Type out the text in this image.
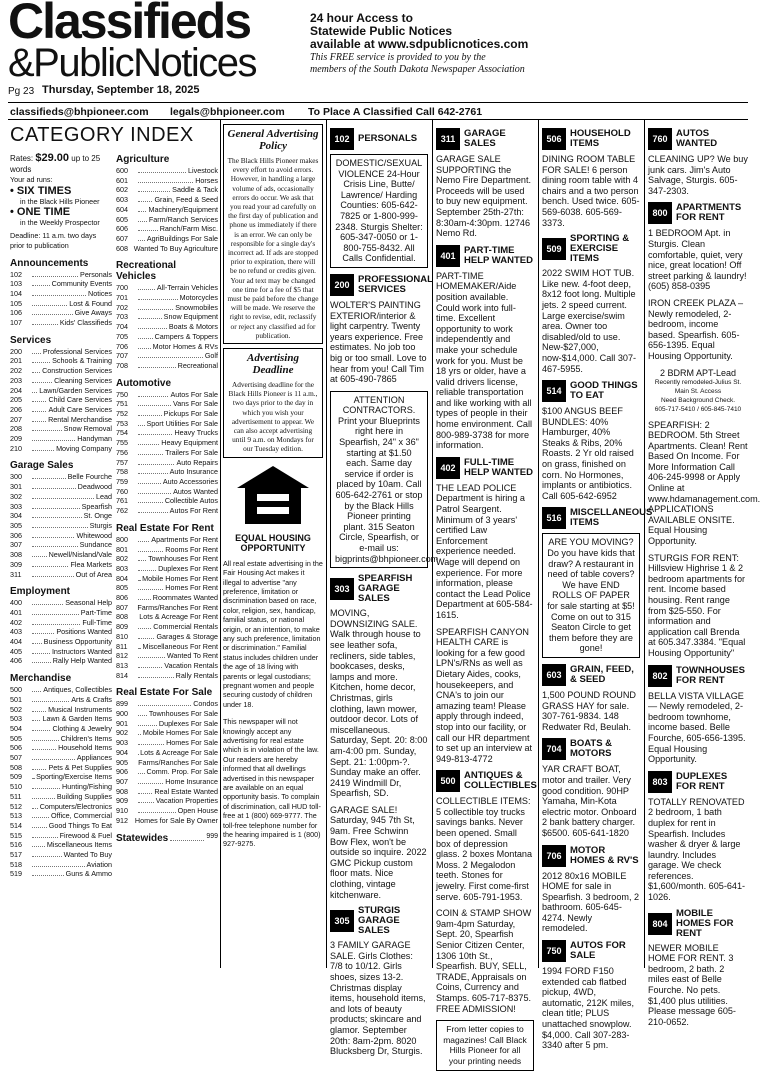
Classifieds
&PublicNotices
Pg 23 Thursday, September 18, 2025
24 hour Access to
Statewide Public Notices
available at www.sdpublicnotices.com
This FREE service is provided to you by the
members of the South Dakota Newspaper Association
classifieds@bhpioneer.com legals@bhpioneer.com To Place A Classified Call 642-2761
CATEGORY INDEX
Rates: $29.00 up to 25 words
Your ad runs:
• SIX TIMES
in the Black Hills Pioneer
• ONE TIME
in the Weekly Prospector
Deadline: 11 a.m. two days prior to publication
Announcements
102	Personals
103	Community Events
104	Notices
105	Lost & Found
106	Give Aways
107	Kids' Classifieds
Services
200	Professional Services
201	Schools & Training
202	Construction Services
203	Cleaning Services
204	Lawn/Garden Services
205	Child Care Services
206	Adult Care Services
207	Rental Merchandise
208	Snow Removal
209	Handyman
210	Moving Company
Garage Sales
300	Belle Fourche
301	Deadwood
302	Lead
303	Spearfish
304	St. Onge
305	Sturgis
306	Whitewood
307	Sundance
308	Newell/Nisland/Vale
309	Flea Markets
311	Out of Area
Employment
400	Seasonal Help
401	Part-Time
402	Full-Time
403	Positions Wanted
404	Business Opportunity
405	Instructors Wanted
406	Rally Help Wanted
Merchandise
500	Antiques, Collectibles
501	Arts & Crafts
502	Musical Instruments
503	Lawn & Garden Items
504	Clothing & Jewelry
505	Children's Items
506	Household Items
507	Appliances
508	Pets & Pet Supplies
509	Sporting/Exercise Items
510	Hunting/Fishing
511	Building Supplies
512	Computers/Electronics
513	Office, Commercial
514	Good Things To Eat
515	Firewood & Fuel
516	Miscellaneous Items
517	Wanted To Buy
518	Aviation
519	Guns & Ammo
Agriculture
600	Livestock
601	Horses
602	Saddle & Tack
603	Grain, Feed & Seed
604	Machinery/Equipment
605	Farm/Ranch Services
606	Ranch/Farm Misc.
607	AgriBuildings For Sale
608 Wanted To Buy Agriculture
Recreational Vehicles
700	All-Terrain Vehicles
701	Motorcycles
702	Snowmobiles
703	Snow Equipment
704	Boats & Motors
705	Campers & Toppers
706	Motor Homes & RVs
707	Golf
708	Recreational
Automotive
750	Autos For Sale
751	Vans For Sale
752	Pickups For Sale
753	Sport Utilities For Sale
754	Heavy Trucks
755	Heavy Equipment
756	Trailers For Sale
757	Auto Repairs
758	Auto Insurance
759	Auto Accessories
760	Autos Wanted
761	Collectible Autos
762	Autos For Rent
Real Estate For Rent
800	Apartments For Rent
801	Rooms For Rent
802	Townhouses For Rent
803	Duplexes For Rent
804	Mobile Homes For Rent
805	Homes For Rent
806	Roommates Wanted
807	Farms/Ranches For Rent
808	Lots & Acreage For Rent
809	Commercial Rentals
810	Garages & Storage
811	Miscellaneous For Rent
812	Wanted To Rent
813	Vacation Rentals
814	Rally Rentals
Real Estate For Sale
899	Condos
900	Townhouses For Sale
901	Duplexes For Sale
902	Mobile Homes For Sale
903	Homes For Sale
904	Lots & Acreage For Sale
905	Farms/Ranches For Sale
906	Comm. Prop. For Sale
907	Home Insurance
908	Real Estate Wanted
909	Vacation Properties
910	Open House
912 Homes for Sale By Owner
Statewides	999
General Advertising Policy
The Black Hills Pioneer makes every effort to avoid errors. However, in handling a large volume of ads, occasionally errors do occur. We ask that you read your ad carefully on the first day of publication and phone us immediately if there is an error. We can only be responsible for a single day's incorrect ad. If ads are stopped prior to expiration, there will be no refund or credits given. Your ad text may be changed one time for a fee of $5 that must be paid before the change will be made. We reserve the right to revise, edit, reclassify or reject any classified ad for publication.
Advertising Deadline
Advertising deadline for the Black Hills Pioneer is 11 a.m., two days prior to the day in which you wish your advertisement to appear. We can also accept advertising until 9 a.m. on Mondays for our Tuesday edition.
EQUAL HOUSING OPPORTUNITY
All real estate advertising in the Fair Housing Act makes it illegal to advertise "any preference, limitation or discrimination based on race, color, religion, sex, handicap, familial status, or national origin, or an intention, to make any such preference, limitation or discrimination." Familial status includes children under the age of 18 living with parents or legal custodians; pregnant women and people securing custody of children under 18.
This newspaper will not knowingly accept any advertising for real estate which is in violation of the law. Our readers are hereby informed that all dwellings advertised in this newspaper are available on an equal opportunity basis. To complain of discrimination, call HUD toll-free at 1 (800) 669-9777. The toll-free telephone number for the hearing impaired is 1 (800) 927-9275.
102 PERSONALS
DOMESTIC/SEXUAL VIOLENCE 24-Hour Crisis Line, Butte/ Lawrence/ Harding Counties: 605-642-7825 or 1-800-999-2348. Sturgis Shelter: 605-347-0050 or 1-800-755-8432. All Calls Confidential.
200 PROFESSIONAL SERVICES
WOLTER'S PAINTING EXTERIOR/interior & light carpentry. Twenty years experience. Free estimates. No job too big or too small. Love to hear from you! Call Tim at 605-490-7865
ATTENTION CONTRACTORS. Print your Blueprints right here in Spearfish, 24" x 36" starting at $1.50 each. Same day service if order is placed by 10am. Call 605-642-2761 or stop by the Black Hills Pioneer printing plant. 315 Seaton Circle, Spearfish, or e-mail us: bigprints@bhpioneer.com
303
SPEARFISH GARAGE SALES
MOVING, DOWNSIZING SALE. Walk through house to see leather sofa, recliners, side tables, bookcases, desks, lamps and more. Kitchen, home decor, Christmas, girls clothing, lawn mower, outdoor decor. Lots of miscellaneous. Saturday, Sept. 20: 8:00 am-4:00 pm. Sunday, Sept. 21: 1:00pm-?. Sunday make an offer. 2419 Windmill Dr, Spearfish, SD.
GARAGE SALE! Saturday, 945 7th St, 9am. Free Schwinn Bow Flex, won't be outside so inquire. 2022 GMC Pickup custom floor mats. Nice clothing, vintage kitchenware.
305
STURGIS GARAGE SALES
3 FAMILY GARAGE SALE. Girls Clothes: 7/8 to 10/12. Girls shoes, sizes 13-2. Christmas display items, household items, and lots of beauty products; skincare and glamor. September 20th: 8am-2pm. 8020 Blucksberg Dr, Sturgis.
311 GARAGE SALES
GARAGE SALE SUPPORTING the Nemo Fire Department. Proceeds will be used to buy new equipment. September 25th-27th: 8:30am-4:30pm. 12746 Nemo Rd.
401 PART-TIME HELP WANTED
PART-TIME HOMEMAKER/Aide position available. Could work into full-time. Excellent opportunity to work independently and make your schedule work for you. Must be 18 yrs or older, have a valid drivers license, reliable transportation and like working with all types of people in their home environment. Call 800-989-3738 for more information.
402 FULL-TIME HELP WANTED
THE LEAD POLICE Department is hiring a Patrol Seargent. Minimum of 3 years' certified Law Enforcement experience needed. Wage will depend on experience. For more information, please contact the Lead Police Department at 605-584-1615.
SPEARFISH CANYON HEALTH CARE is looking for a few good LPN's/RNs as well as Dietary Aides, cooks, housekeepers, and CNA's to join our amazing team! Please apply through indeed, stop into our facility, or call our HR department to set up an interview at 949-813-4772
500 ANTIQUES & COLLECTIBLES
COLLECTIBLE ITEMS: 5 collectible toy trucks savings banks. Never been opened. Small box of depression glass. 2 boxes Montana Moss. 2 Megalodon teeth. Stones for jewelry. First come-first serve. 605-791-1953.
COIN & STAMP SHOW 9am-4pm Saturday, Sept. 20, Spearfish Senior Citizen Center, 1306 10th St., Spearfish. BUY, SELL, TRADE, Appraisals on Coins, Currency and Stamps. 605-717-8375. FREE ADMISSION!
From letter copies to magazines! Call Black Hills Pioneer for all your printing needs
506 HOUSEHOLD ITEMS
DINING ROOM TABLE FOR SALE! 6 person dining room table with 4 chairs and a two person bench. Used twice. 605-569-6038. 605-569-3373.
509
SPORTING & EXERCISE ITEMS
2022 SWIM HOT TUB. Like new. 4-foot deep, 8x12 foot long. Multiple jets. 2 speed current. Large exercise/swim area. Owner too disabled/old to use. New-$27,000, now-$14,000. Call 307-467-5955.
514 GOOD THINGS TO EAT
$100 ANGUS BEEF BUNDLES: 40% Hamburger, 40% Steaks & Ribs, 20% Roasts. 2 Yr old raised on grass, finished on corn. No Hormones, implants or antibiotics. Call 605-642-6952
516 MISCELLANEOUS ITEMS
ARE YOU MOVING? Do you have kids that draw? A restaurant in need of table covers? We have END ROLLS OF PAPER for sale starting at $5! Come on out to 315 Seaton Circle to get them before they are gone!
603 GRAIN, FEED, & SEED
1,500 POUND ROUND GRASS HAY for sale. 307-761-9834. 148 Redwater Rd, Beulah.
704 BOATS & MOTORS
YAR CRAFT BOAT, motor and trailer. Very good condition. 90HP Yamaha, Min-Kota electric motor. Onboard 2 bank battery charger. $6500. 605-641-1820
706 MOTOR HOMES & RV'S
2012 80x16 MOBILE HOME for sale in Spearfish. 3 bedroom, 2 bathroom. 605-645-4274. Newly remodeled.
750 AUTOS FOR SALE
1994 FORD F150 extended cab flatbed pickup, 4WD, automatic, 212K miles, clean title; PLUS unattached snowplow. $4,000. Call 307-283-3340 after 5 pm.
760 AUTOS WANTED
CLEANING UP? We buy junk cars. Jim's Auto Salvage, Sturgis. 605-347-2303.
800 APARTMENTS FOR RENT
1 BEDROOM Apt. in Sturgis. Clean comfortable, quiet, very nice, great location! Off street parking & laundry! (605) 858-0395
IRON CREEK PLAZA – Newly remodeled, 2-bedroom, income based. Spearfish. 605-656-1395. Equal Housing Opportunity.
2 BDRM APT-Lead
Recently remodeled-Julius St. Main St. Access
Need Background Check.
605-717-5410 / 605-845-7410
SPEARFISH: 2 BEDROOM. 5th Street Apartments. Clean! Rent Based On Income. For More Information Call 406-245-9998 or Apply Online at www.hdamanagement.com. APPLICATIONS AVAILABLE ONSITE. Equal Housing Opportunity.
STURGIS FOR RENT: Hillsview Highrise 1 & 2 bedroom apartments for rent. Income based housing. Rent range from $25-550. For information and application call Brenda at 605.347.3384. "Equal Housing Opportunity"
802 TOWNHOUSES FOR RENT
BELLA VISTA VILLAGE — Newly remodeled, 2-bedroom townhome, income based. Belle Fourche, 605-656-1395. Equal Housing Opportunity.
803 DUPLEXES FOR RENT
TOTALLY RENOVATED 2 bedroom, 1 bath duplex for rent in Spearfish. Includes washer & dryer & large laundry. Includes garage. We check references. $1,600/month. 605-641-1026.
804
MOBILE HOMES FOR RENT
NEWER MOBILE HOME FOR RENT. 3 bedroom, 2 bath. 2 miles east of Belle Fourche. No pets. $1,400 plus utilities. Please message 605-210-0652.
